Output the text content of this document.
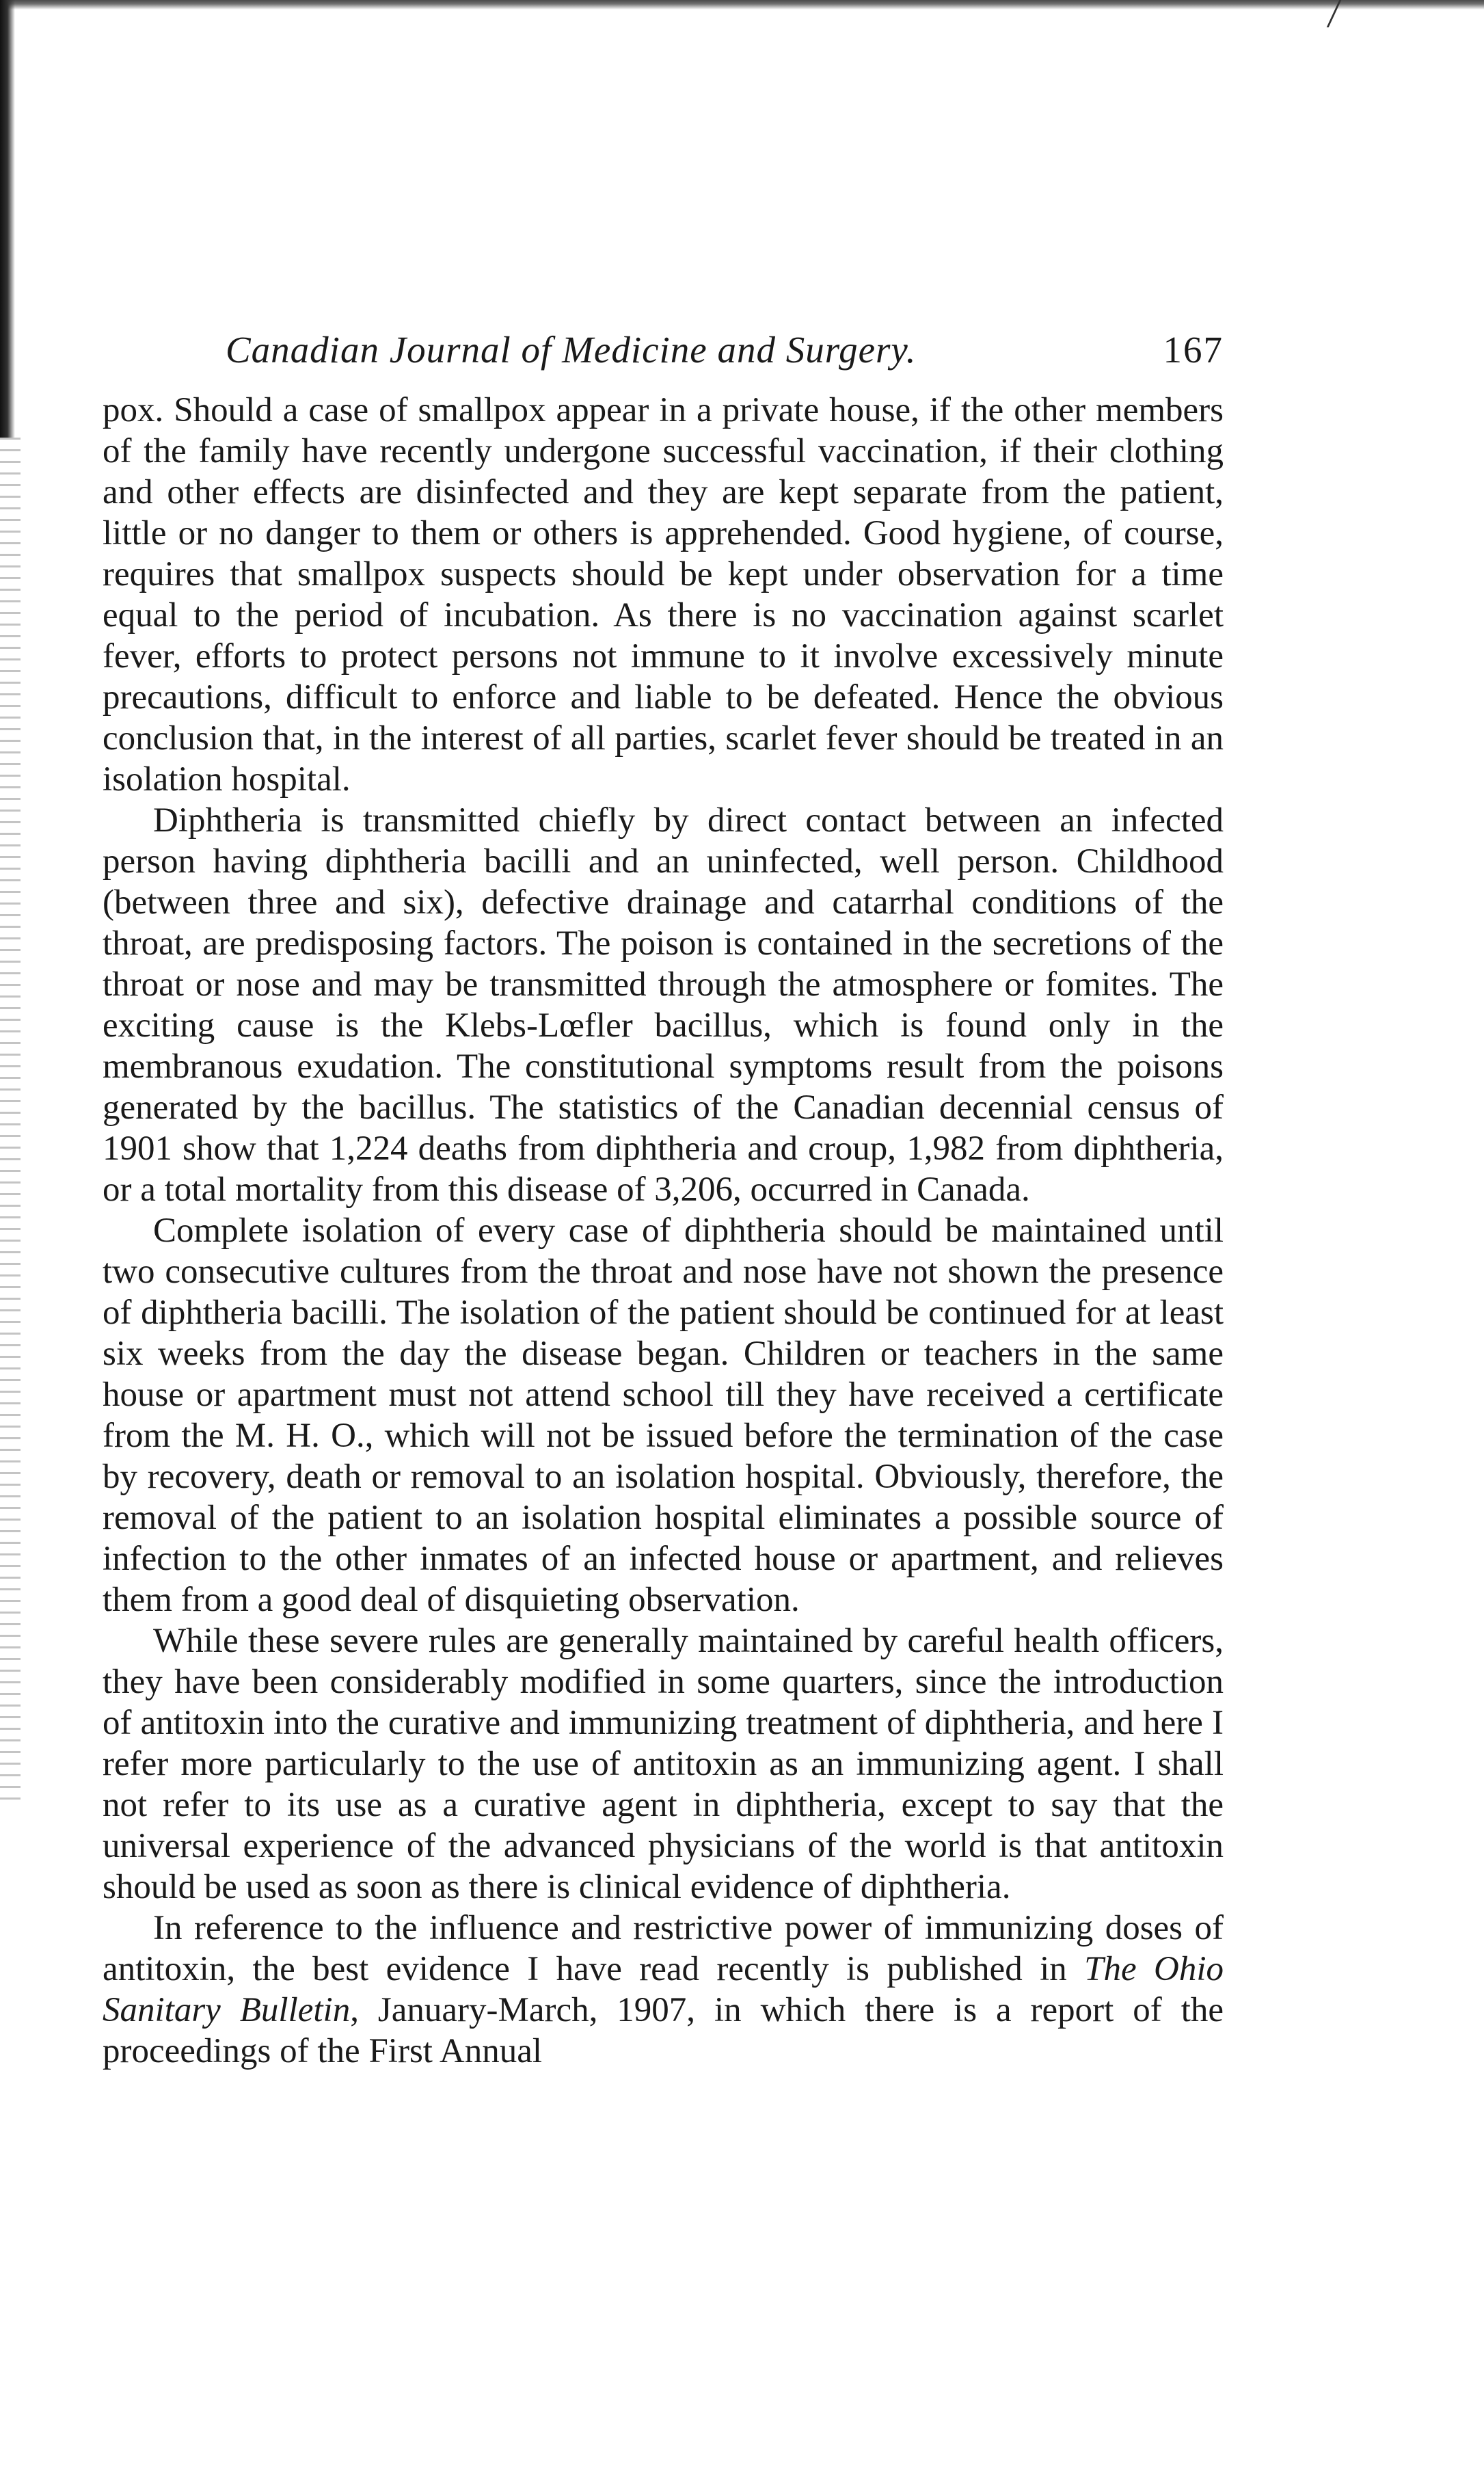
Canadian Journal of Medicine and Surgery.	167

pox. Should a case of smallpox appear in a private house, if the other members of the family have recently undergone successful vaccination, if their clothing and other effects are disinfected and they are kept separate from the patient, little or no danger to them or others is apprehended. Good hygiene, of course, requires that smallpox suspects should be kept under observation for a time equal to the period of incubation. As there is no vaccination against scarlet fever, efforts to protect persons not immune to it involve excessively minute precautions, difficult to enforce and liable to be defeated. Hence the obvious conclusion that, in the interest of all parties, scarlet fever should be treated in an isolation hospital.

Diphtheria is transmitted chiefly by direct contact between an infected person having diphtheria bacilli and an uninfected, well person. Childhood (between three and six), defective drainage and catarrhal conditions of the throat, are predisposing factors. The poison is contained in the secretions of the throat or nose and may be transmitted through the atmosphere or fomites. The exciting cause is the Klebs-Lœfler bacillus, which is found only in the membranous exudation. The constitutional symptoms result from the poisons generated by the bacillus. The statistics of the Canadian decennial census of 1901 show that 1,224 deaths from diphtheria and croup, 1,982 from diphtheria, or a total mortality from this disease of 3,206, occurred in Canada.

Complete isolation of every case of diphtheria should be maintained until two consecutive cultures from the throat and nose have not shown the presence of diphtheria bacilli. The isolation of the patient should be continued for at least six weeks from the day the disease began. Children or teachers in the same house or apartment must not attend school till they have received a certificate from the M. H. O., which will not be issued before the termination of the case by recovery, death or removal to an isolation hospital. Obviously, therefore, the removal of the patient to an isolation hospital eliminates a possible source of infection to the other inmates of an infected house or apartment, and relieves them from a good deal of disquieting observation.

While these severe rules are generally maintained by careful health officers, they have been considerably modified in some quarters, since the introduction of antitoxin into the curative and immunizing treatment of diphtheria, and here I refer more particularly to the use of antitoxin as an immunizing agent. I shall not refer to its use as a curative agent in diphtheria, except to say that the universal experience of the advanced physicians of the world is that antitoxin should be used as soon as there is clinical evidence of diphtheria.

In reference to the influence and restrictive power of immunizing doses of antitoxin, the best evidence I have read recently is published in The Ohio Sanitary Bulletin, January-March, 1907, in which there is a report of the proceedings of the First Annual
